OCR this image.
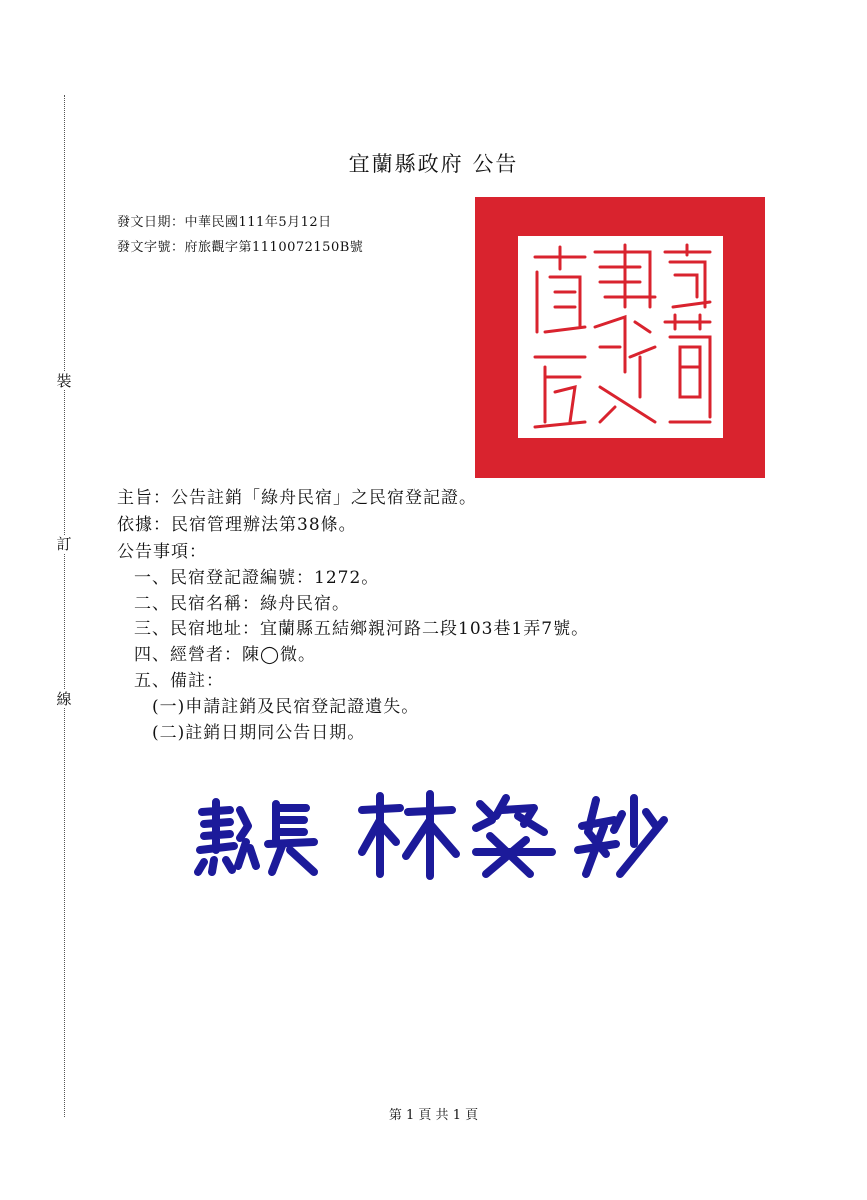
裝
訂
線
宜蘭縣政府 公告
發文日期：中華民國111年5月12日
發文字號：府旅觀字第1110072150B號
主旨：公告註銷「綠舟民宿」之民宿登記證。
依據：民宿管理辦法第38條。
公告事項：
一、民宿登記證編號：1272。
二、民宿名稱：綠舟民宿。
三、民宿地址：宜蘭縣五結鄉親河路二段103巷1弄7號。
四、經營者：陳◯微。
五、備註：
(一)申請註銷及民宿登記證遺失。
(二)註銷日期同公告日期。
第 1 頁 共 1 頁
